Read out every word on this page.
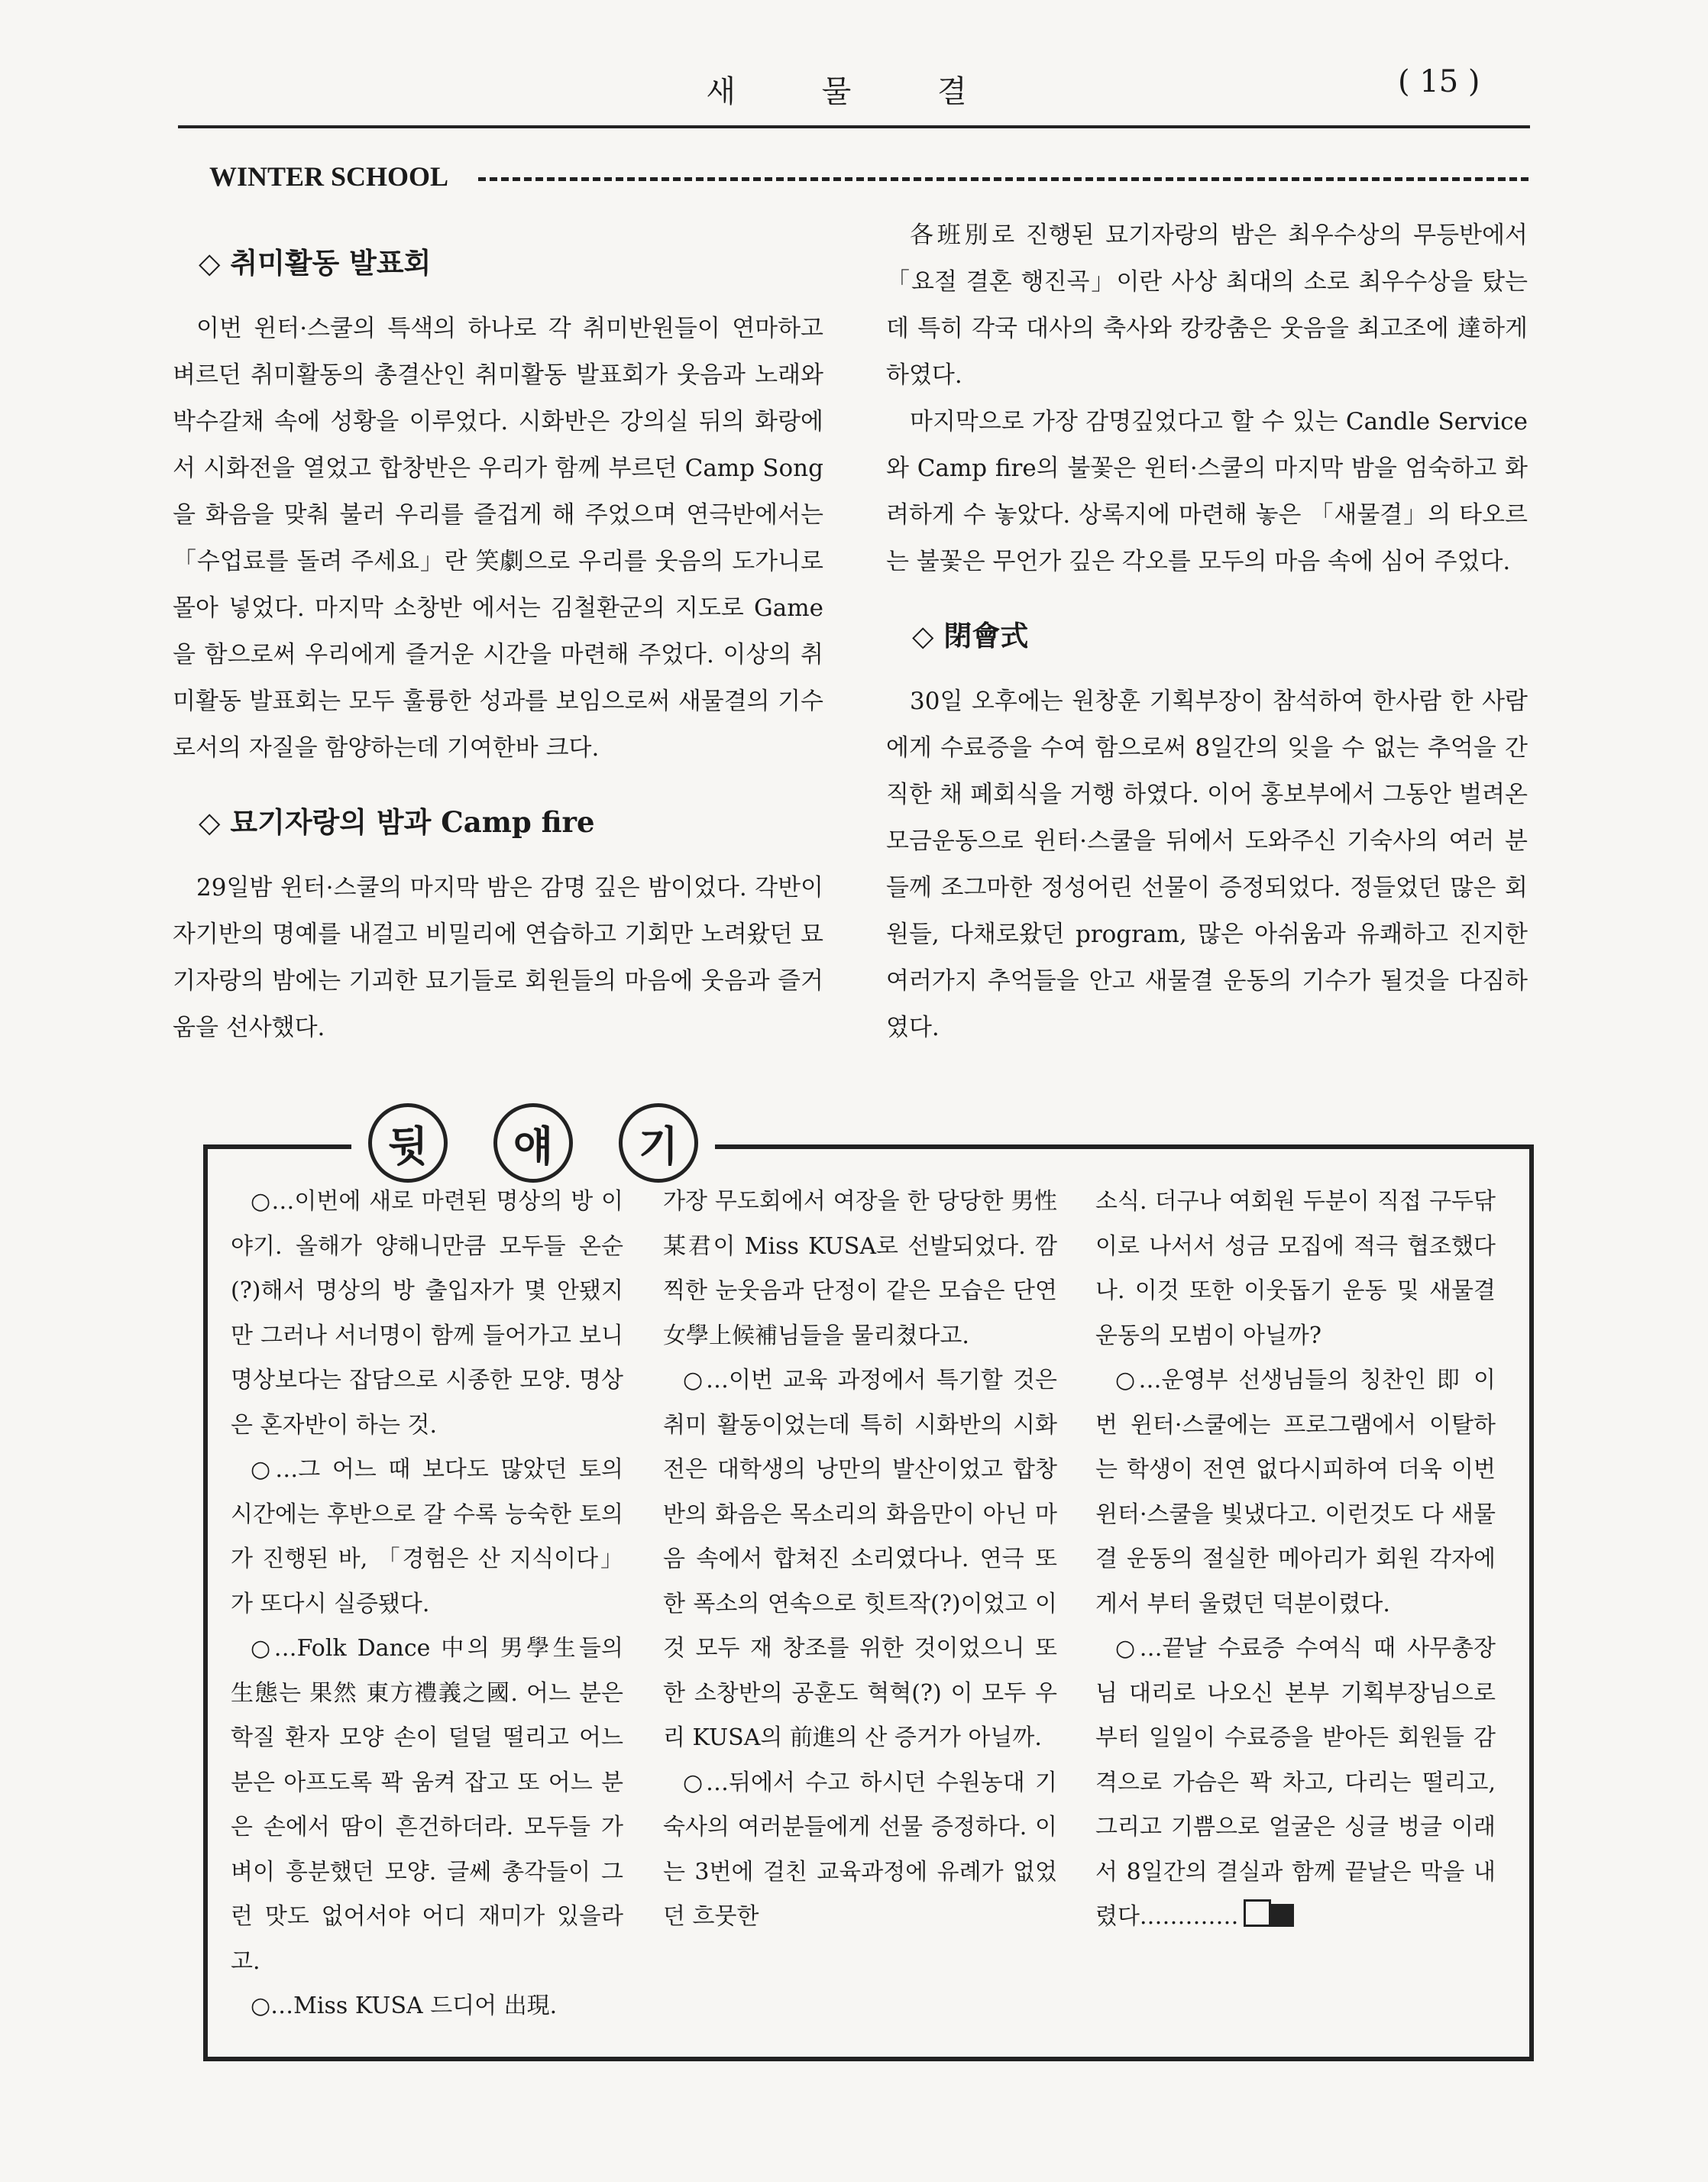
새 물 결	( 15 )
WINTER SCHOOL
◇ 취미활동 발표회

이번 윈터·스쿨의 특색의 하나로 각 취미반원들이 연마하고 벼르던 취미활동의 총결산인 취미활동 발표회가 웃음과 노래와 박수갈채 속에 성황을 이루었다. 시화반은 강의실 뒤의 화랑에서 시화전을 열었고 합창반은 우리가 함께 부르던 Camp Song을 화음을 맞춰 불러 우리를 즐겁게 해 주었으며 연극반에서는 「수업료를 돌려 주세요」란 笑劇으로 우리를 웃음의 도가니로 몰아 넣었다. 마지막 소창반 에서는 김철환군의 지도로 Game을 함으로써 우리에게 즐거운 시간을 마련해 주었다. 이상의 취미활동 발표회는 모두 훌륭한 성과를 보임으로써 새물결의 기수로서의 자질을 함양하는데 기여한바 크다.

◇ 묘기자랑의 밤과 Camp fire

29일밤 윈터·스쿨의 마지막 밤은 감명 깊은 밤이었다. 각반이 자기반의 명예를 내걸고 비밀리에 연습하고 기회만 노려왔던 묘기자랑의 밤에는 기괴한 묘기들로 회원들의 마음에 웃음과 즐거움을 선사했다.

各班別로 진행된 묘기자랑의 밤은 최우수상의 무등반에서 「요절 결혼 행진곡」이란 사상 최대의 소로 최우수상을 탔는데 특히 각국 대사의 축사와 캉캉춤은 웃음을 최고조에 達하게 하였다.

마지막으로 가장 감명깊었다고 할 수 있는 Candle Service와 Camp fire의 불꽃은 윈터·스쿨의 마지막 밤을 엄숙하고 화려하게 수 놓았다. 상록지에 마련해 놓은 「새물결」의 타오르는 불꽃은 무언가 깊은 각오를 모두의 마음 속에 심어 주었다.

◇ 閉會式

30일 오후에는 원창훈 기획부장이 참석하여 한사람 한 사람에게 수료증을 수여 함으로써 8일간의 잊을 수 없는 추억을 간직한 채 폐회식을 거행 하였다. 이어 홍보부에서 그동안 벌려온 모금운동으로 윈터·스쿨을 뒤에서 도와주신 기숙사의 여러 분들께 조그마한 정성어린 선물이 증정되었다. 정들었던 많은 회원들, 다채로왔던 program, 많은 아쉬움과 유쾌하고 진지한 여러가지 추억들을 안고 새물결 운동의 기수가 될것을 다짐하였다.

뒷	얘	기

○…이번에 새로 마련된 명상의 방 이야기. 올해가 양해니만큼 모두들 온순(?)해서 명상의 방 출입자가 몇 안됐지만 그러나 서너명이 함께 들어가고 보니 명상보다는 잡담으로 시종한 모양. 명상은 혼자반이 하는 것.

○…그 어느 때 보다도 많았던 토의 시간에는 후반으로 갈 수록 능숙한 토의가 진행된 바, 「경험은 산 지식이다」가 또다시 실증됐다.

○…Folk Dance 中의 男學生들의 生態는 果然 東方禮義之國. 어느 분은 학질 환자 모양 손이 덜덜 떨리고 어느 분은 아프도록 꽉 움켜 잡고 또 어느 분은 손에서 땀이 흔건하더라. 모두들 가벼이 흥분했던 모양. 글쎄 총각들이 그런 맛도 없어서야 어디 재미가 있을라고.

○…Miss KUSA 드디어 出現.

가장 무도회에서 여장을 한 당당한 男性 某君이 Miss KUSA로 선발되었다. 깜찍한 눈웃음과 단정이 같은 모습은 단연 女學上候補님들을 물리쳤다고.

○…이번 교육 과정에서 특기할 것은 취미 활동이었는데 특히 시화반의 시화전은 대학생의 낭만의 발산이었고 합창반의 화음은 목소리의 화음만이 아닌 마음 속에서 합쳐진 소리였다나. 연극 또한 폭소의 연속으로 힛트작(?)이었고 이것 모두 재 창조를 위한 것이었으니 또한 소창반의 공훈도 혁혁(?) 이 모두 우리 KUSA의 前進의 산 증거가 아닐까.

○…뒤에서 수고 하시던 수원농대 기숙사의 여러분들에게 선물 증정하다. 이는 3번에 걸친 교육과정에 유례가 없었던 흐뭇한

소식. 더구나 여회원 두분이 직접 구두닦이로 나서서 성금 모집에 적극 협조했다나. 이것 또한 이웃돕기 운동 및 새물결 운동의 모범이 아닐까?

○…운영부 선생님들의 칭찬인 即 이번 윈터·스쿨에는 프로그램에서 이탈하는 학생이 전연 없다시피하여 더욱 이번 윈터·스쿨을 빛냈다고. 이런것도 다 새물결 운동의 절실한 메아리가 회원 각자에게서 부터 울렸던 덕분이렸다.

○…끝날 수료증 수여식 때 사무총장님 대리로 나오신 본부 기획부장님으로 부터 일일이 수료증을 받아든 회원들 감격으로 가슴은 꽉 차고, 다리는 떨리고, 그리고 기쁨으로 얼굴은 싱글 벙글 이래서 8일간의 결실과 함께 끝날은 막을 내렸다.…………
